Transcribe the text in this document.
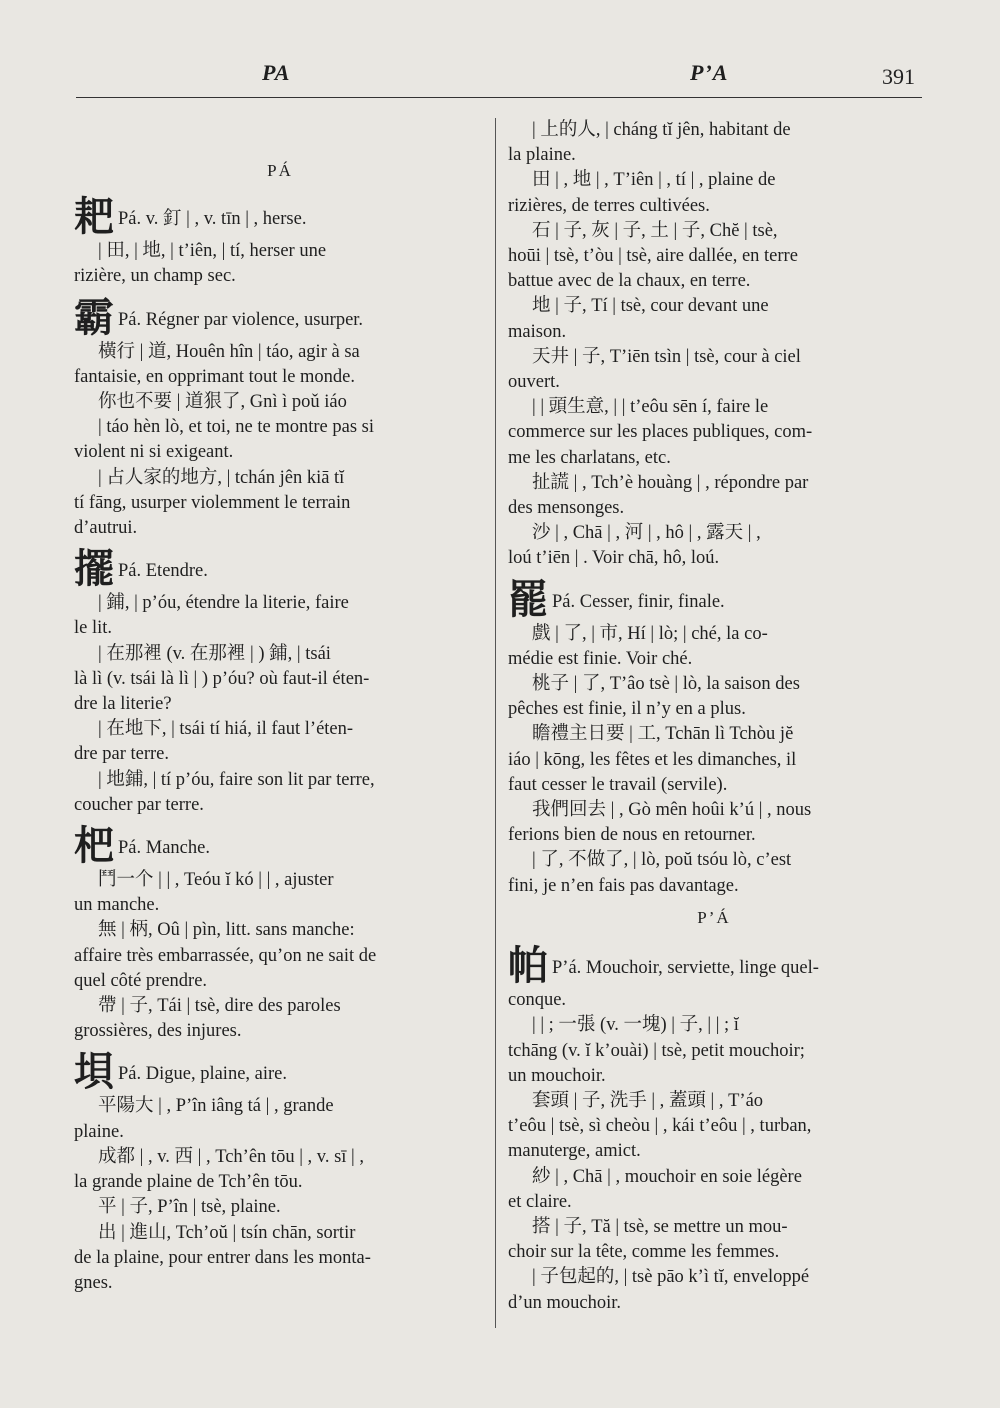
PA	P’A	391
PÁ
耙 Pá. v. 釘 | , v. tīn | , herse.
| 田, | 地, | t’iên, | tí, herser une
rizière, un champ sec.
霸 Pá. Régner par violence, usurper.
橫行 | 道, Houên hîn | táo, agir à sa
fantaisie, en opprimant tout le monde.
你也不要 | 道狠了, Gnì ì poǔ iáo
| táo hèn lò, et toi, ne te montre pas si
violent ni si exigeant.
| 占人家的地方, | tchán jên kiā tĭ
tí fāng, usurper violemment le terrain
d’autrui.
擺 Pá. Etendre.
| 鋪, | p’óu, étendre la literie, faire
le lit.
| 在那裡 (v. 在那裡 | ) 鋪, | tsái
là lì (v. tsái là lì | ) p’óu? où faut-il éten-
dre la literie?
| 在地下, | tsái tí hiá, il faut l’éten-
dre par terre.
| 地鋪, | tí p’óu, faire son lit par terre,
coucher par terre.
杷 Pá. Manche.
鬥一个 | | , Teóu ĭ kó | | , ajuster
un manche.
無 | 柄, Oû | pìn, litt. sans manche:
affaire très embarrassée, qu’on ne sait de
quel côté prendre.
帶 | 子, Tái | tsè, dire des paroles
grossières, des injures.
垻 Pá. Digue, plaine, aire.
平陽大 | , P’în iâng tá | , grande
plaine.
成都 | , v. 西 | , Tch’ên tōu | , v. sī | ,
la grande plaine de Tch’ên tōu.
平 | 子, P’în | tsè, plaine.
出 | 進山, Tch’oŭ | tsín chān, sortir
de la plaine, pour entrer dans les monta-
gnes.
| 上的人, | cháng tĭ jên, habitant de
la plaine.
田 | , 地 | , T’iên | , tí | , plaine de
rizières, de terres cultivées.
石 | 子, 灰 | 子, 土 | 子, Chĕ | tsè,
hoūi | tsè, t’òu | tsè, aire dallée, en terre
battue avec de la chaux, en terre.
地 | 子, Tí | tsè, cour devant une
maison.
天井 | 子, T’iēn tsìn | tsè, cour à ciel
ouvert.
| | 頭生意, | | t’eôu sēn í, faire le
commerce sur les places publiques, com-
me les charlatans, etc.
扯謊 | , Tch’è houàng | , répondre par
des mensonges.
沙 | , Chā | , 河 | , hô | , 露天 | ,
loú t’iēn | . Voir chā, hô, loú.
罷 Pá. Cesser, finir, finale.
戲 | 了, | 市, Hí | lò; | ché, la co-
médie est finie. Voir ché.
桃子 | 了, T’âo tsè | lò, la saison des
pêches est finie, il n’y en a plus.
瞻禮主日要 | 工, Tchān lì Tchòu jĕ
iáo | kōng, les fêtes et les dimanches, il
faut cesser le travail (servile).
我們回去 | , Gò mên hoûi k’ú | , nous
ferions bien de nous en retourner.
| 了, 不做了, | lò, poŭ tsóu lò, c’est
fini, je n’en fais pas davantage.
P’Á
帕 P’á. Mouchoir, serviette, linge quel-
conque.
| | ; 一張 (v. 一塊) | 子, | | ; ĭ
tchāng (v. ĭ k’ouài) | tsè, petit mouchoir;
un mouchoir.
套頭 | 子, 洗手 | , 蓋頭 | , T’áo
t’eôu | tsè, sì cheòu | , kái t’eôu | , turban,
manuterge, amict.
紗 | , Chā | , mouchoir en soie légère
et claire.
搭 | 子, Tă | tsè, se mettre un mou-
choir sur la tête, comme les femmes.
| 子包起的, | tsè pāo k’ì tĭ, enveloppé
d’un mouchoir.
